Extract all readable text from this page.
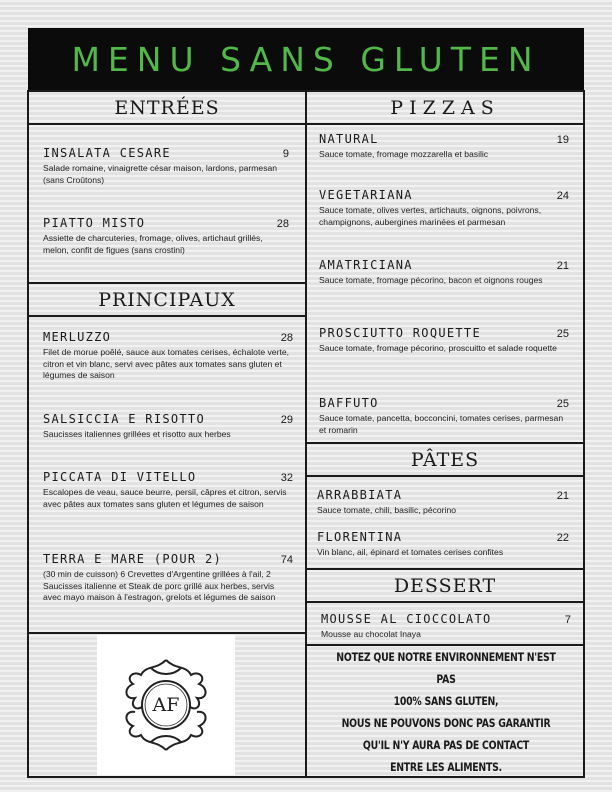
MENU SANS GLUTEN
ENTRÉES
INSALATA CESARE	9
Salade romaine, vinaigrette césar maison, lardons, parmesan (sans Croûtons)
PIATTO MISTO	28
Assiette de charcuteries, fromage, olives, artichaut grillés, melon, confit de figues (sans crostini)
PRINCIPAUX
MERLUZZO	28
Filet de morue poêlé, sauce aux tomates cerises, échalote verte, citron et vin blanc, servi avec pâtes aux tomates sans gluten et légumes de saison
SALSICCIA E RISOTTO	29
Saucisses italiennes grillées et risotto aux herbes
PICCATA DI VITELLO	32
Escalopes de veau, sauce beurre, persil, câpres et citron, servis avec pâtes aux tomates sans gluten et légumes de saison
TERRA E MARE (POUR 2)	74
(30 min de cuisson) 6 Crevettes d'Argentine grillées à l'ail, 2 Saucisses italienne et Steak de porc grillé aux herbes, servis avec mayo maison à l'estragon, grelots et légumes de saison
AF
PIZZAS
NATURAL	19
Sauce tomate, fromage mozzarella et basilic
VEGETARIANA	24
Sauce tomate, olives vertes, artichauts, oignons, poivrons, champignons, aubergines marinées et parmesan
AMATRICIANA	21
Sauce tomate, fromage pécorino, bacon et oignons rouges
PROSCIUTTO ROQUETTE	25
Sauce tomate, fromage pécorino, proscuitto et salade roquette
BAFFUTO	25
Sauce tomate, pancetta, bocconcini, tomates cerises, parmesan et romarin
PÂTES
ARRABBIATA	21
Sauce tomate, chili, basilic, pécorino
FLORENTINA	22
Vin blanc, ail, épinard et tomates cerises confites
DESSERT
MOUSSE AL CIOCCOLATO	7
Mousse au chocolat Inaya
NOTEZ QUE NOTRE ENVIRONNEMENT N'EST PAS
100% SANS GLUTEN,
NOUS NE POUVONS DONC PAS GARANTIR
QU'IL N'Y AURA PAS DE CONTACT
ENTRE LES ALIMENTS.
